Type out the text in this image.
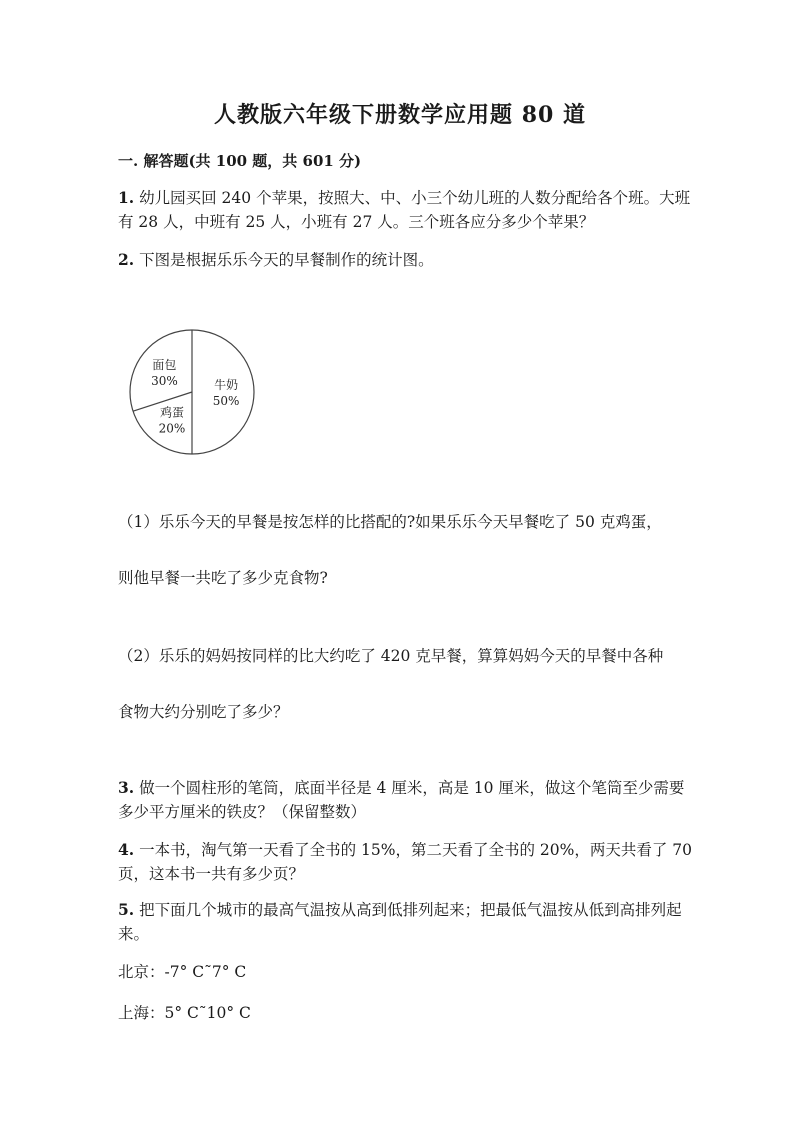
人教版六年级下册数学应用题 80 道
一. 解答题(共 100 题，共 601 分)
1. 幼儿园买回 240 个苹果，按照大、中、小三个幼儿班的人数分配给各个班。大班有 28 人，中班有 25 人，小班有 27 人。三个班各应分多少个苹果？
2. 下图是根据乐乐今天的早餐制作的统计图。
牛奶
50%
鸡蛋
20%
面包
30%
（1）乐乐今天的早餐是按怎样的比搭配的?如果乐乐今天早餐吃了 50 克鸡蛋，
则他早餐一共吃了多少克食物?
（2）乐乐的妈妈按同样的比大约吃了 420 克早餐，算算妈妈今天的早餐中各种
食物大约分别吃了多少？
3. 做一个圆柱形的笔筒，底面半径是 4 厘米，高是 10 厘米，做这个笔筒至少需要多少平方厘米的铁皮？（保留整数）
4. 一本书，淘气第一天看了全书的 15%，第二天看了全书的 20%，两天共看了 70 页，这本书一共有多少页？
5. 把下面几个城市的最高气温按从高到低排列起来；把最低气温按从低到高排列起来。
北京：-7° C˜7° C
上海：5° C˜10° C
